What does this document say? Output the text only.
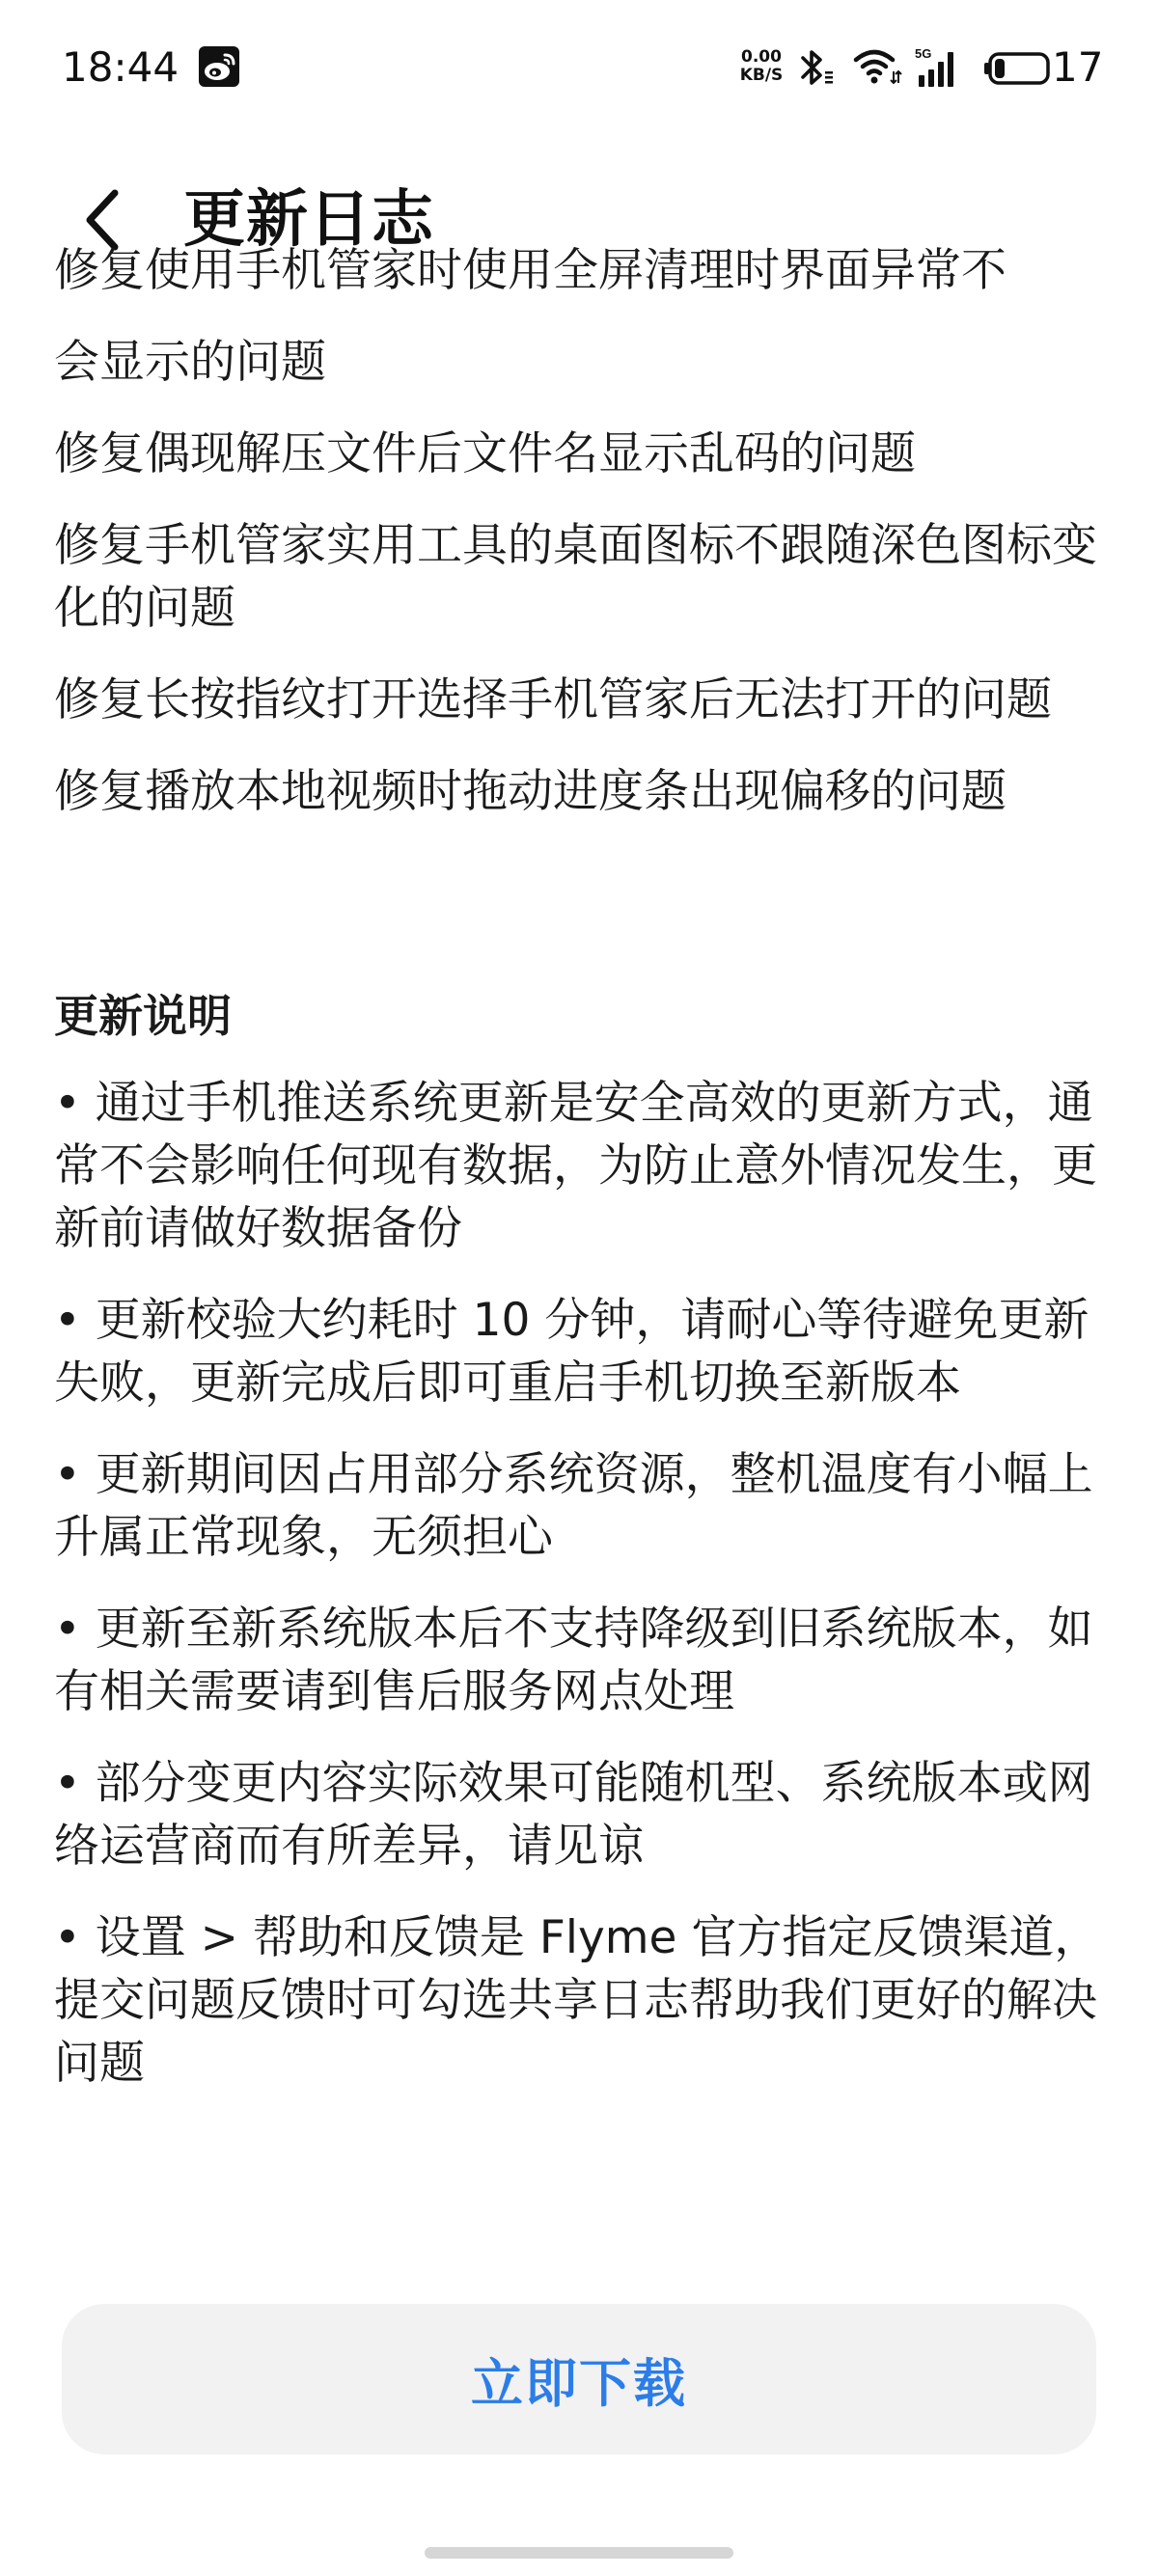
18:44	0.00
KB/S
5G	17
更新日志

修复使用手机管家时使用全屏清理时界面异常不

会显示的问题

修复偶现解压文件后文件名显示乱码的问题

修复手机管家实用工具的桌面图标不跟随深色图标变化的问题

修复长按指纹打开选择手机管家后无法打开的问题

修复播放本地视频时拖动进度条出现偏移的问题

更新说明

• 通过手机推送系统更新是安全高效的更新方式，通常不会影响任何现有数据，为防止意外情况发生，更新前请做好数据备份

• 更新校验大约耗时 10 分钟，请耐心等待避免更新失败，更新完成后即可重启手机切换至新版本

• 更新期间因占用部分系统资源，整机温度有小幅上升属正常现象，无须担心

• 更新至新系统版本后不支持降级到旧系统版本，如有相关需要请到售后服务网点处理

• 部分变更内容实际效果可能随机型、系统版本或网络运营商而有所差异，请见谅

• 设置 > 帮助和反馈是 Flyme 官方指定反馈渠道，提交问题反馈时可勾选共享日志帮助我们更好的解决问题

立即下载
